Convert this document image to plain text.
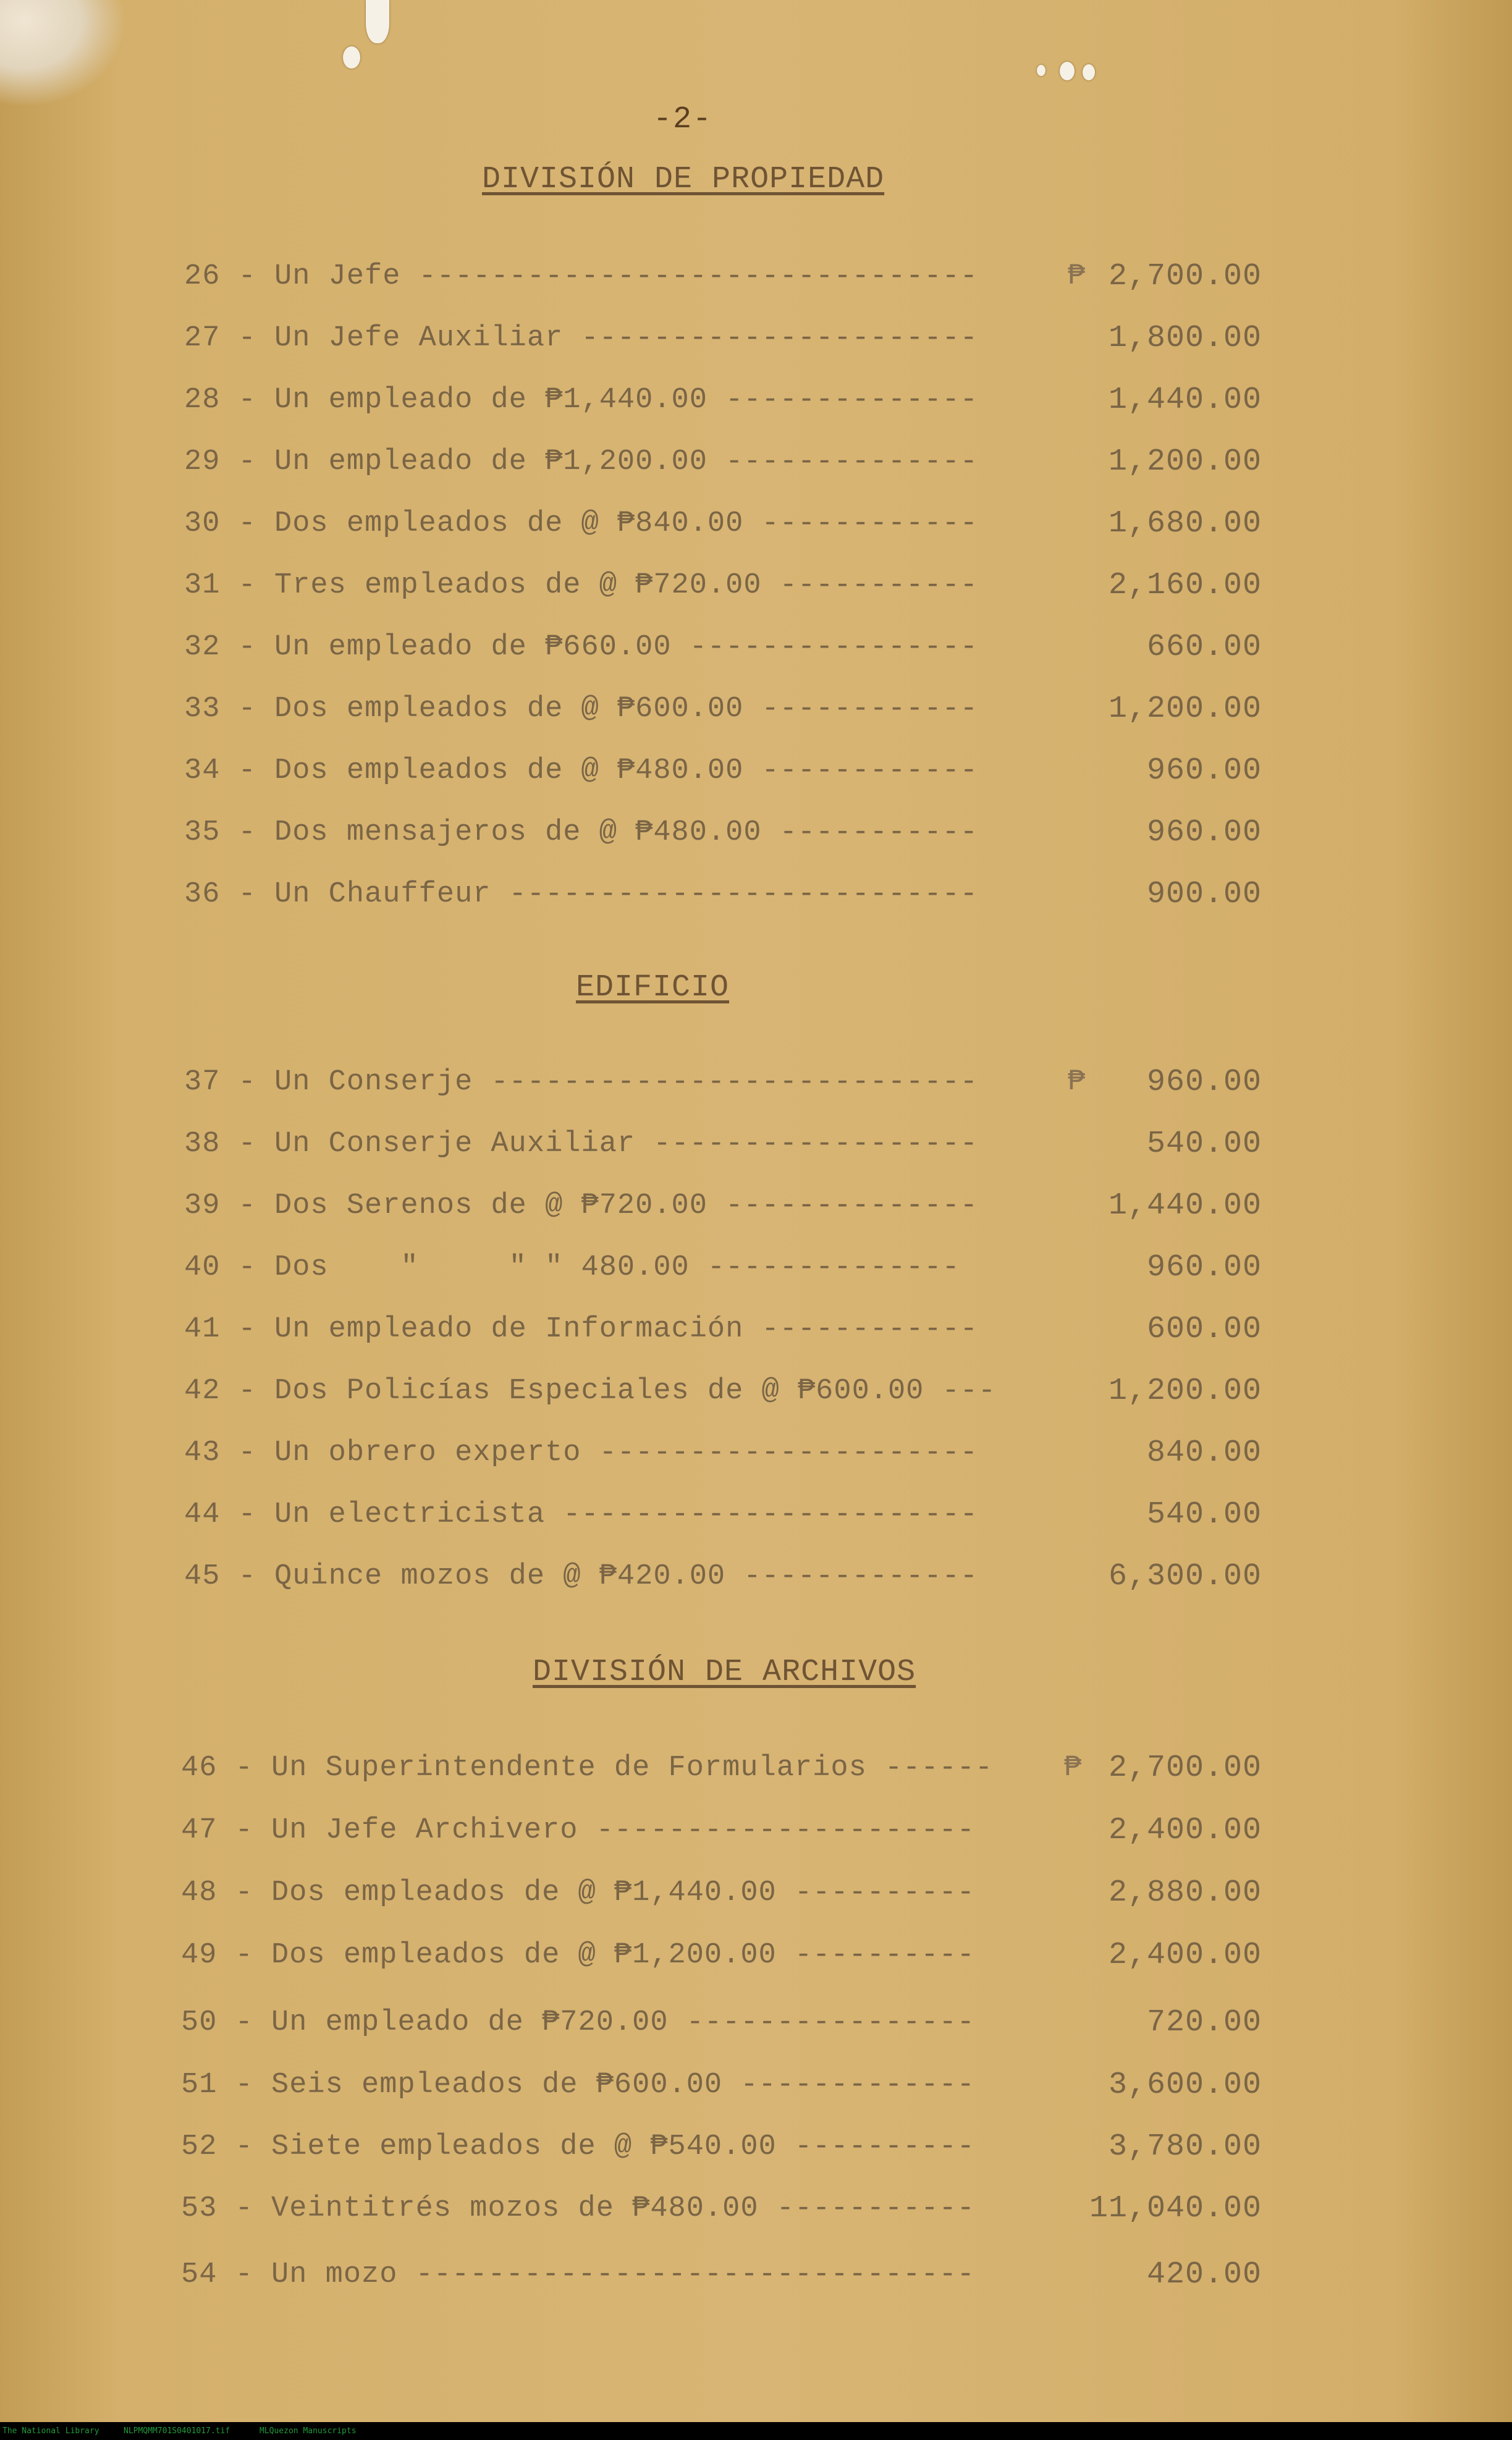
-2-
DIVISIÓN DE PROPIEDAD
26 - Un Jefe -------------------------------	₱ 2,700.00
27 - Un Jefe Auxiliar ----------------------	1,800.00
28 - Un empleado de ₱1,440.00 --------------	1,440.00
29 - Un empleado de ₱1,200.00 --------------	1,200.00
30 - Dos empleados de @ ₱840.00 ------------	1,680.00
31 - Tres empleados de @ ₱720.00 -----------	2,160.00
32 - Un empleado de ₱660.00 ----------------	660.00
33 - Dos empleados de @ ₱600.00 ------------	1,200.00
34 - Dos empleados de @ ₱480.00 ------------	960.00
35 - Dos mensajeros de @ ₱480.00 -----------	960.00
36 - Un Chauffeur --------------------------	900.00
EDIFICIO
37 - Un Conserje ---------------------------	₱ 960.00
38 - Un Conserje Auxiliar ------------------	540.00
39 - Dos Serenos de @ ₱720.00 --------------	1,440.00
40 - Dos    "     " " 480.00 --------------	960.00
41 - Un empleado de Información ------------	600.00
42 - Dos Policías Especiales de @ ₱600.00 ---	1,200.00
43 - Un obrero experto ---------------------	840.00
44 - Un electricista -----------------------	540.00
45 - Quince mozos de @ ₱420.00 -------------	6,300.00
DIVISIÓN DE ARCHIVOS
46 - Un Superintendente de Formularios ------ ₱ 2,700.00
47 - Un Jefe Archivero ---------------------	2,400.00
48 - Dos empleados de @ ₱1,440.00 ----------	2,880.00
49 - Dos empleados de @ ₱1,200.00 ----------	2,400.00
50 - Un empleado de ₱720.00 ----------------	720.00
51 - Seis empleados de ₱600.00 -------------	3,600.00
52 - Siete empleados de @ ₱540.00 ----------	3,780.00
53 - Veintitrés mozos de ₱480.00 -----------	11,040.00
54 - Un mozo -------------------------------	420.00
The National Library	NLPMQMM701S0401017.tif	MLQuezon Manuscripts
